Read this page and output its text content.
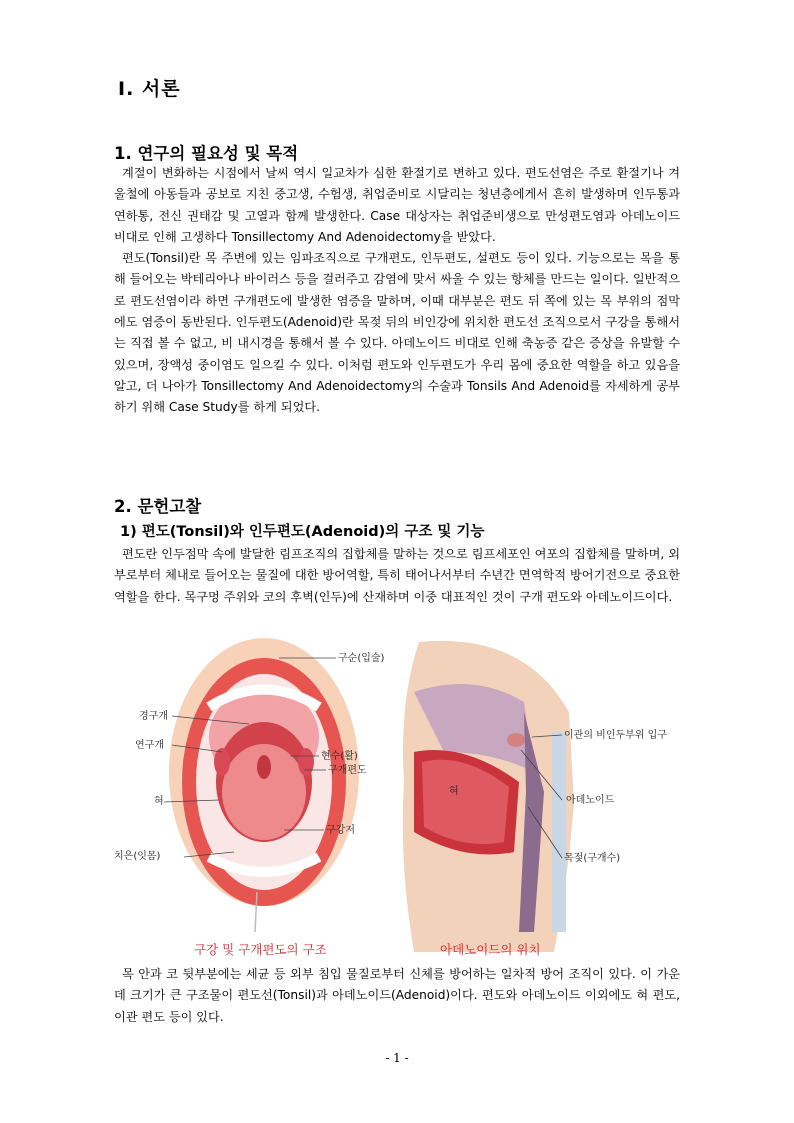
Ⅰ. 서론
1. 연구의 필요성 및 목적

계절이 변화하는 시점에서 날씨 역시 일교차가 심한 환절기로 변하고 있다. 편도선염은 주로 환절기나 겨울철에 아동들과 공보로 지친 중고생, 수험생, 취업준비로 시달리는 청년층에게서 흔히 발생하며 인두통과 연하통, 전신 권태감 및 고열과 함께 발생한다. Case 대상자는 취업준비생으로 만성편도염과 아데노이드 비대로 인해 고생하다 Tonsillectomy And Adenoidectomy을 받았다.

편도(Tonsil)란 목 주변에 있는 임파조직으로 구개편도, 인두편도, 설편도 등이 있다. 기능으로는 목을 통해 들어오는 박테리아나 바이러스 등을 걸러주고 감염에 맞서 싸울 수 있는 항체를 만드는 일이다. 일반적으로 편도선염이라 하면 구개편도에 발생한 염증을 말하며, 이때 대부분은 편도 뒤 쪽에 있는 목 부위의 점막에도 염증이 동반된다. 인두편도(Adenoid)란 목젖 뒤의 비인강에 위치한 편도선 조직으로서 구강을 통해서는 직접 볼 수 없고, 비 내시경을 통해서 볼 수 있다. 아데노이드 비대로 인해 축농증 같은 증상을 유발할 수 있으며, 장액성 중이염도 일으킬 수 있다. 이처럼 편도와 인두편도가 우리 몸에 중요한 역할을 하고 있음을 알고, 더 나아가 Tonsillectomy And Adenoidectomy의 수술과 Tonsils And Adenoid를 자세하게 공부하기 위해 Case Study를 하게 되었다.

2. 문헌고찰
1) 편도(Tonsil)와 인두편도(Adenoid)의 구조 및 기능

편도란 인두점막 속에 발달한 림프조직의 집합체를 말하는 것으로 림프세포인 여포의 집합체를 말하며, 외부로부터 체내로 들어오는 물질에 대한 방어역할, 특히 태어나서부터 수년간 면역학적 방어기전으로 중요한 역할을 한다. 목구멍 주위와 코의 후벽(인두)에 산재하며 이중 대표적인 것이 구개 편도와 아데노이드이다.

구순(입술)
경구개
연구개
현수(활)
구개편도
혀
구강저
치은(잇몸)
구강 및 구개편도의 구조
이관의 비인두부위 입구
혀
아데노이드
목젖(구개수)
아데노이드의 위치

목 안과 코 뒷부분에는 세균 등 외부 침입 물질로부터 신체를 방어하는 일차적 방어 조직이 있다. 이 가운데 크기가 큰 구조물이 편도선(Tonsil)과 아데노이드(Adenoid)이다. 편도와 아데노이드 이외에도 혀 편도, 이관 편도 등이 있다.

- 1 -
